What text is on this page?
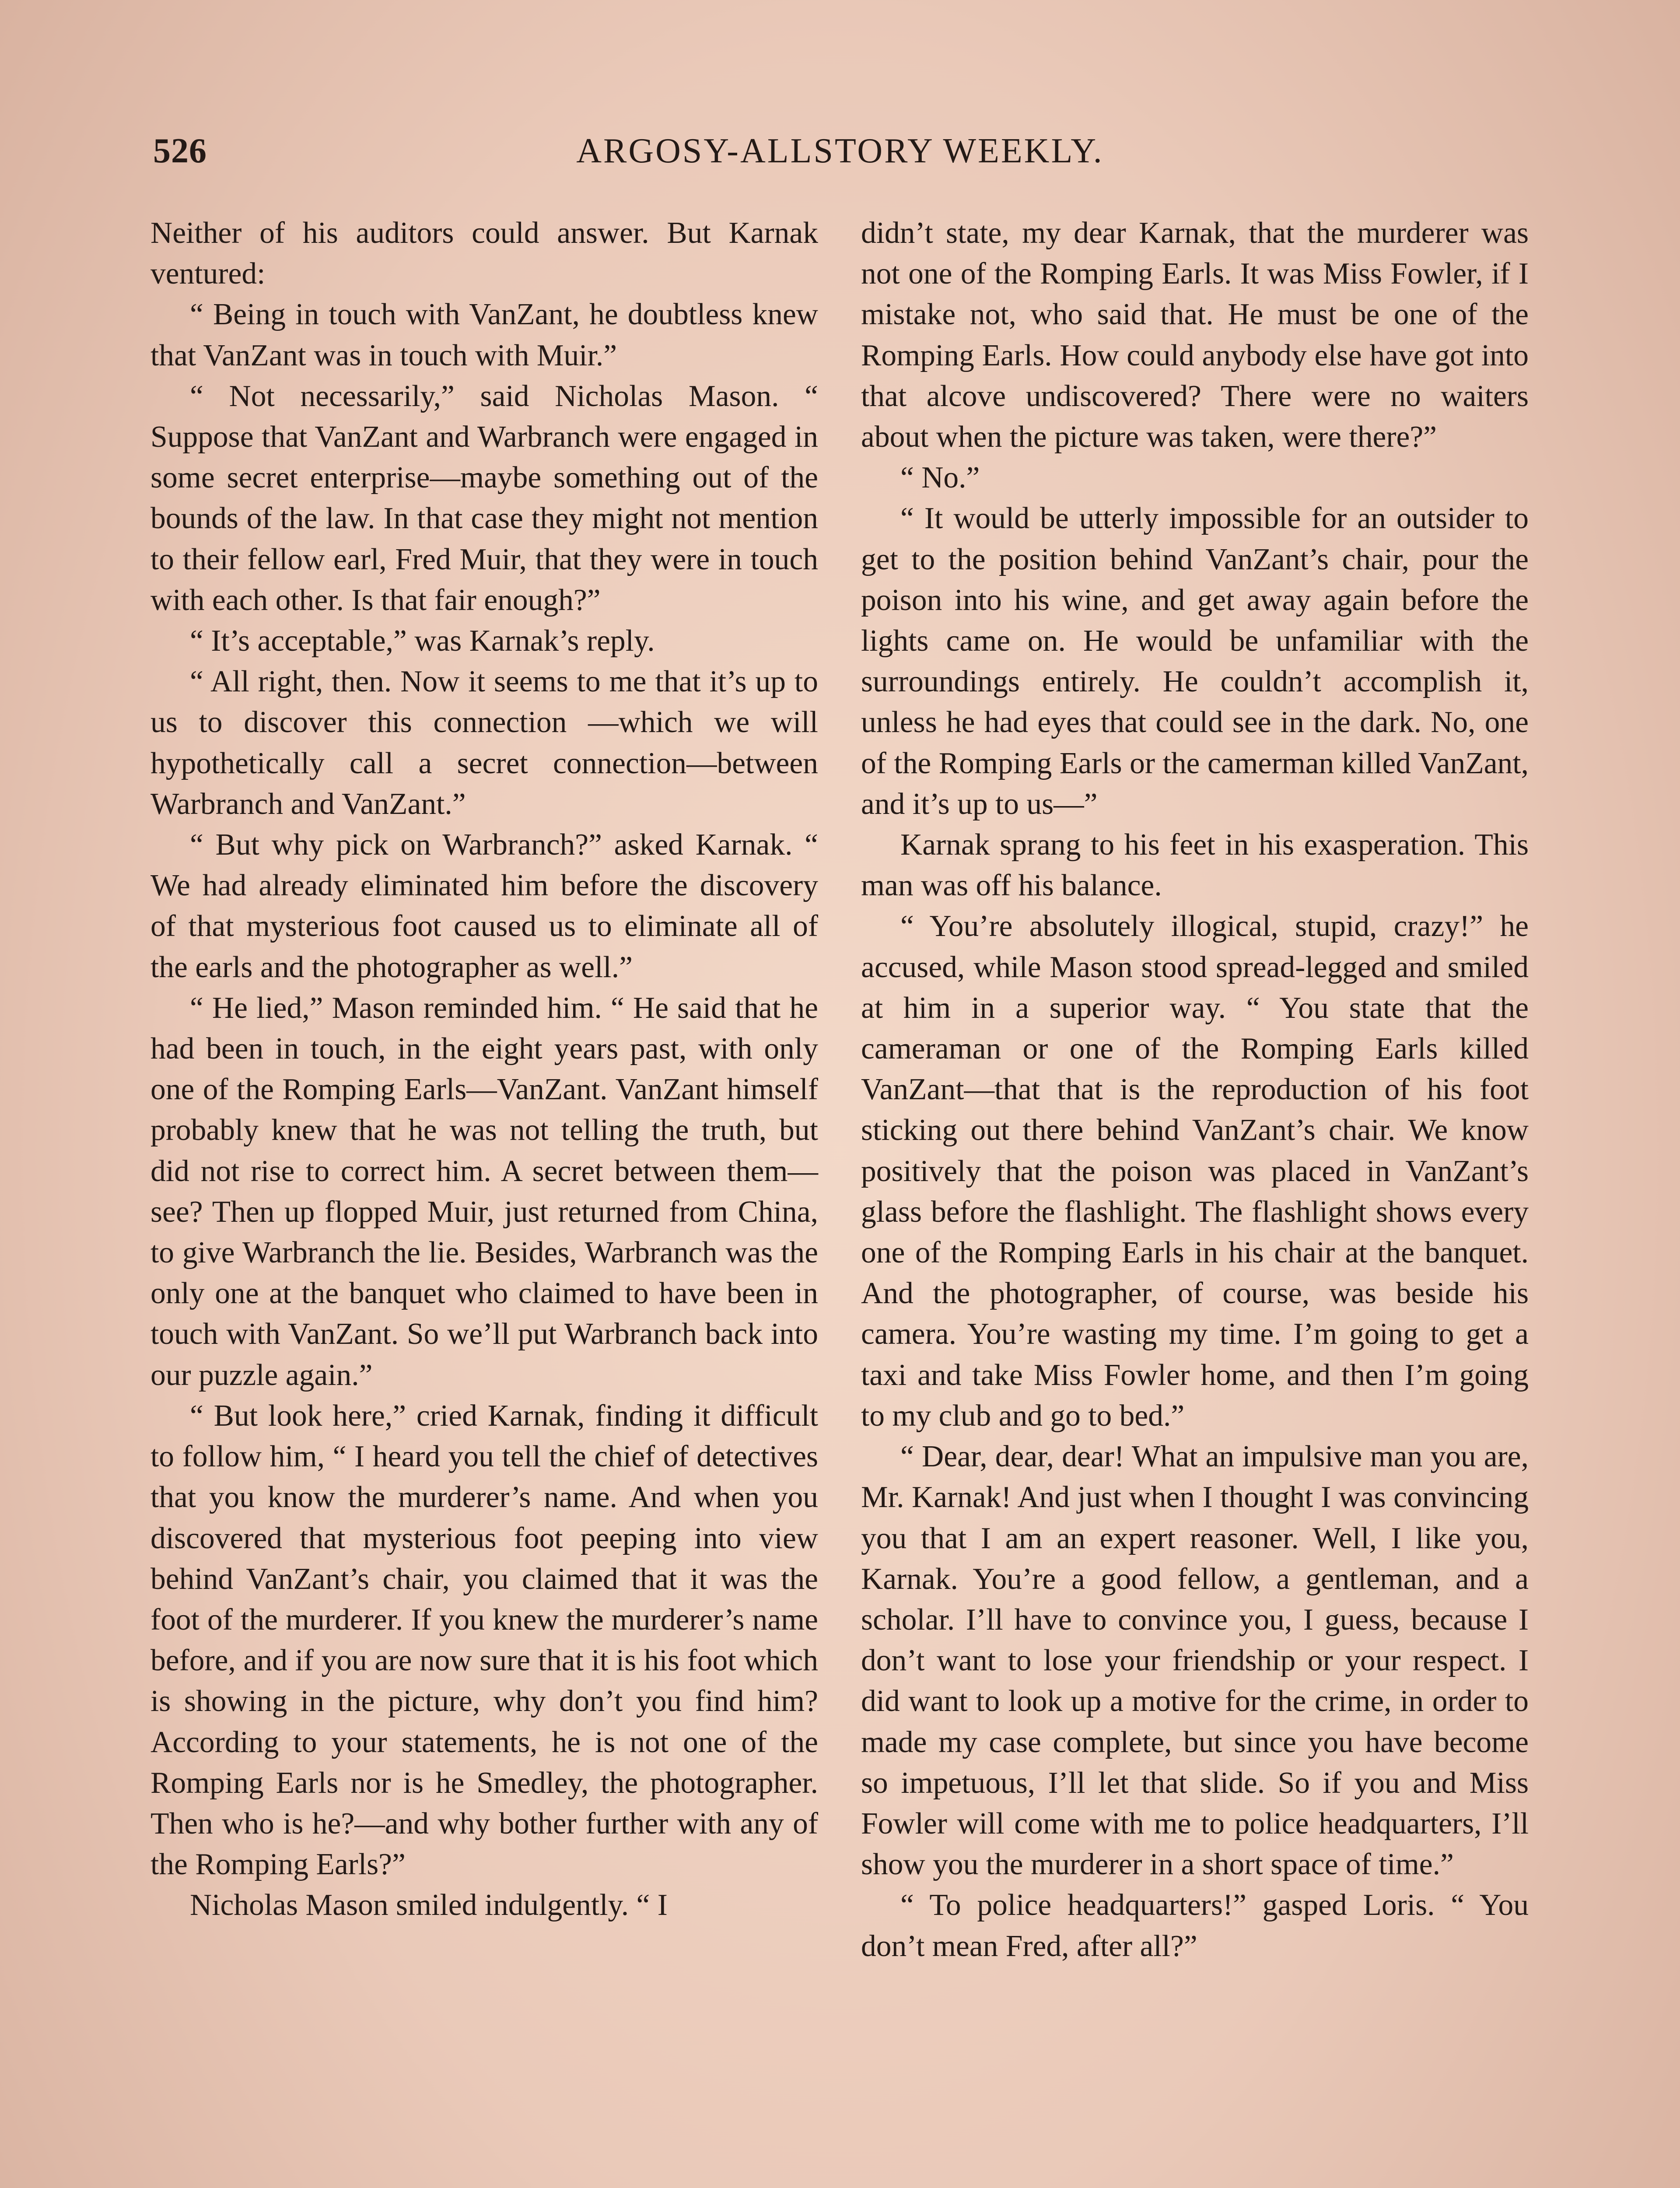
526	ARGOSY-ALLSTORY WEEKLY.

Neither of his auditors could answer. But Karnak ventured:

“ Being in touch with VanZant, he doubtless knew that VanZant was in touch with Muir.”

“ Not necessarily,” said Nicholas Mason. “ Suppose that VanZant and Warbranch were engaged in some secret enterprise—maybe something out of the bounds of the law. In that case they might not mention to their fellow earl, Fred Muir, that they were in touch with each other. Is that fair enough?”

“ It’s acceptable,” was Karnak’s reply.

“ All right, then. Now it seems to me that it’s up to us to discover this connection —which we will hypothetically call a secret connection—between Warbranch and VanZant.”

“ But why pick on Warbranch?” asked Karnak. “ We had already eliminated him before the discovery of that mysterious foot caused us to eliminate all of the earls and the photographer as well.”

“ He lied,” Mason reminded him. “ He said that he had been in touch, in the eight years past, with only one of the Romping Earls—VanZant. VanZant himself probably knew that he was not telling the truth, but did not rise to correct him. A secret between them—see? Then up flopped Muir, just returned from China, to give Warbranch the lie. Besides, Warbranch was the only one at the banquet who claimed to have been in touch with VanZant. So we’ll put Warbranch back into our puzzle again.”

“ But look here,” cried Karnak, finding it difficult to follow him, “ I heard you tell the chief of detectives that you know the murderer’s name. And when you discovered that mysterious foot peeping into view behind VanZant’s chair, you claimed that it was the foot of the murderer. If you knew the murderer’s name before, and if you are now sure that it is his foot which is showing in the picture, why don’t you find him? According to your statements, he is not one of the Romping Earls nor is he Smedley, the photographer. Then who is he?—and why bother further with any of the Romping Earls?”

Nicholas Mason smiled indulgently. “ I

didn’t state, my dear Karnak, that the murderer was not one of the Romping Earls. It was Miss Fowler, if I mistake not, who said that. He must be one of the Romping Earls. How could anybody else have got into that alcove undiscovered? There were no waiters about when the picture was taken, were there?”

“ No.”

“ It would be utterly impossible for an outsider to get to the position behind VanZant’s chair, pour the poison into his wine, and get away again before the lights came on. He would be unfamiliar with the surroundings entirely. He couldn’t accomplish it, unless he had eyes that could see in the dark. No, one of the Romping Earls or the camerman killed VanZant, and it’s up to us—”

Karnak sprang to his feet in his exasperation. This man was off his balance.

“ You’re absolutely illogical, stupid, crazy!” he accused, while Mason stood spread-legged and smiled at him in a superior way. “ You state that the cameraman or one of the Romping Earls killed VanZant—that that is the reproduction of his foot sticking out there behind VanZant’s chair. We know positively that the poison was placed in VanZant’s glass before the flashlight. The flashlight shows every one of the Romping Earls in his chair at the banquet. And the photographer, of course, was beside his camera. You’re wasting my time. I’m going to get a taxi and take Miss Fowler home, and then I’m going to my club and go to bed.”

“ Dear, dear, dear! What an impulsive man you are, Mr. Karnak! And just when I thought I was convincing you that I am an expert reasoner. Well, I like you, Karnak. You’re a good fellow, a gentleman, and a scholar. I’ll have to convince you, I guess, because I don’t want to lose your friendship or your respect. I did want to look up a motive for the crime, in order to made my case complete, but since you have become so impetuous, I’ll let that slide. So if you and Miss Fowler will come with me to police headquarters, I’ll show you the murderer in a short space of time.”

“ To police headquarters!” gasped Loris. “ You don’t mean Fred, after all?”
